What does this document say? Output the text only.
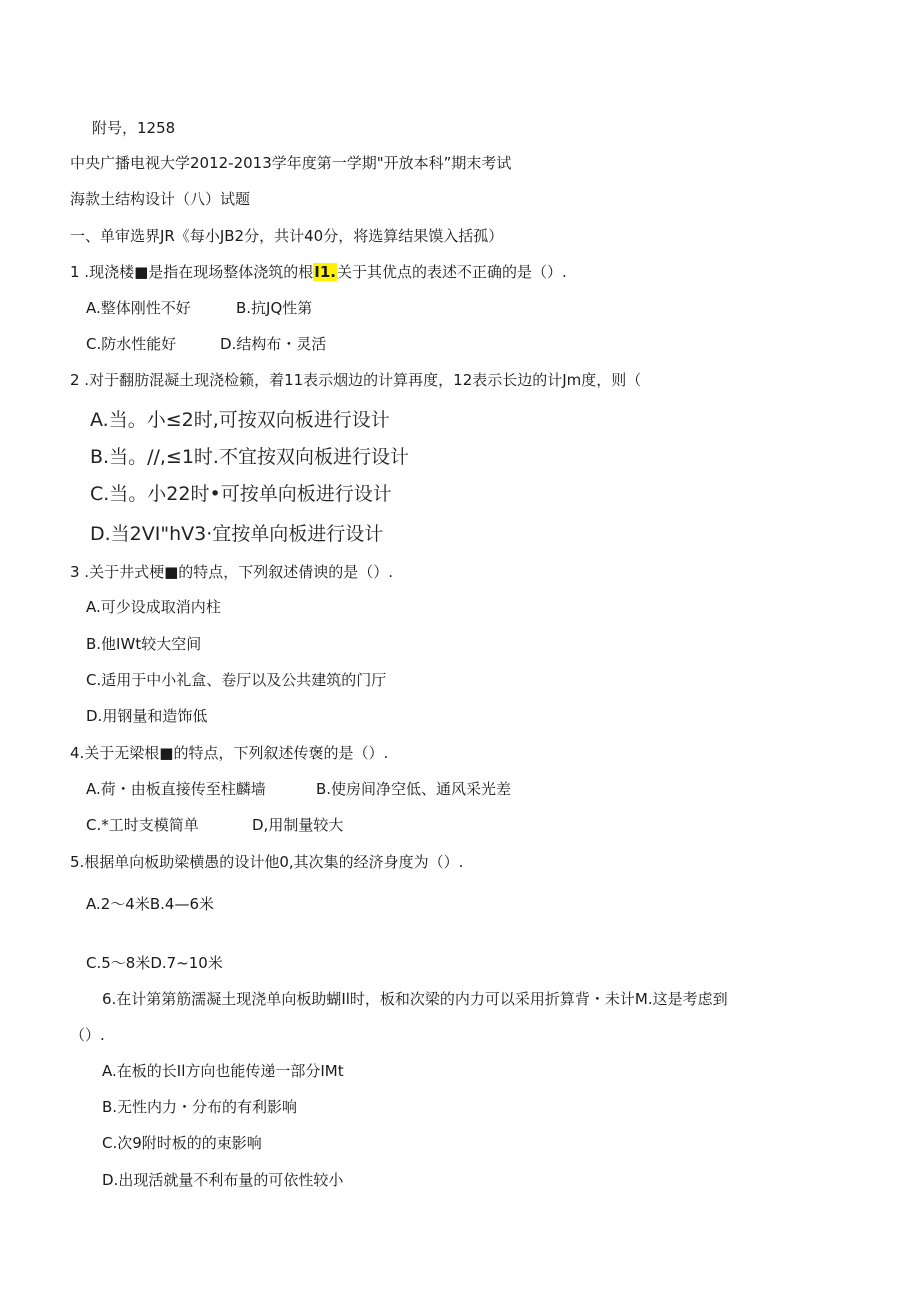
附号，1258
中央广播电视大学2012-2013学年度第一学期"开放本科”期末考试
海款土结构设计（八）试题
一、单审选界JR《每小JB2分，共计40分，将选算结果馍入括孤）
1 .现浇楼■是指在现场整体浇筑的根I1.关于其优点的表述不正确的是（）.
A.整体刚性不好	B.抗JQ性第
C.防水性能好	D.结构布・灵活
2 .对于翻肪混凝土现浇检籁，着11表示烟边的计算再度，12表示长边的计Jm度，则（
A.当。小≤2时,可按双向板进行设计
B.当。//,≤1时.不宜按双向板进行设计
C.当。小22时•可按单向板进行设计
D.当2VI"hV3·宜按单向板进行设计
3 .关于井式梗■的特点，下列叙述倩谀的是（）.
A.可少设成取消内柱
B.他IWt较大空间
C.适用于中小礼盒、卷厅以及公共建筑的门厅
D.用钢量和造饰低
4.关于无梁根■的特点，下列叙述传褒的是（）.
A.荷・由板直接传至柱麟墙	B.使房间净空低、通风采光差
C.*工时支模简单	D,用制量较大
5.根据单向板助梁横愚的设计他0,其次集的经济身度为（）.
A.2～4米B.4—6米
C.5～8米D.7~10米
6.在计第第筋濡凝土现浇单向板助蝴Il时，板和次梁的内力可以采用折算背・未计M.这是考虑到
（）.
A.在板的长Il方向也能传递一部分IMt
B.无性内力・分布的有利影响
C.次9附时板的的束影响
D.出现活就量不利布量的可依性较小
